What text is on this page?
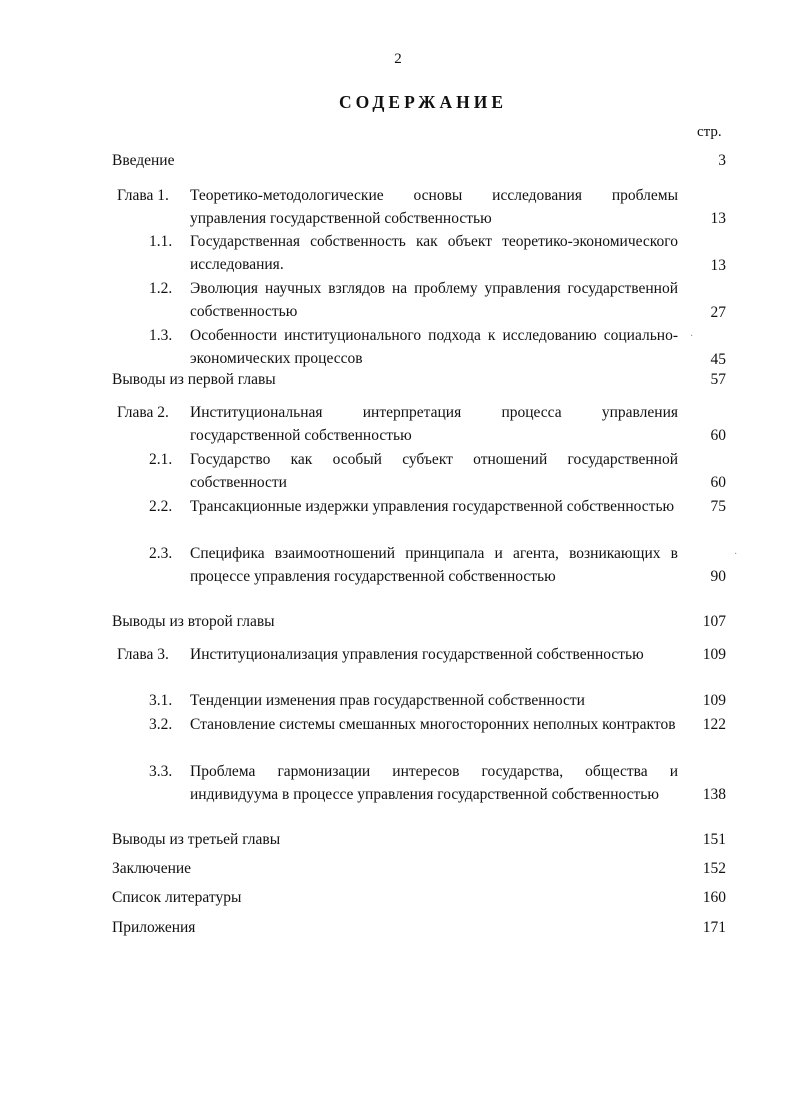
2
СОДЕРЖАНИЕ
стр.
Введение	3
Глава 1. Теоретико-методологические основы исследования проблемы управления государственной собственностью	13
1.1. Государственная собственность как объект теоретико-экономического исследования.	13
1.2. Эволюция научных взглядов на проблему управления государственной собственностью	27
1.3. Особенности институционального подхода к исследованию социально-экономических процессов	45
Выводы из первой главы	57
Глава 2. Институциональная интерпретация процесса управления государственной собственностью	60
2.1. Государство как особый субъект отношений государственной собственности	60
2.2. Трансакционные издержки управления государственной собственностью	75
2.3. Специфика взаимоотношений принципала и агента, возникающих в процессе управления государственной собственностью	90
Выводы из второй главы	107
Глава 3. Институционализация управления государственной собственностью	109
3.1. Тенденции изменения прав государственной собственности	109
3.2. Становление системы смешанных многосторонних неполных контрактов	122
3.3. Проблема гармонизации интересов государства, общества и индивидуума в процессе управления государственной собственностью	138
Выводы из третьей главы	151
Заключение	152
Список литературы	160
Приложения	171
·
·
